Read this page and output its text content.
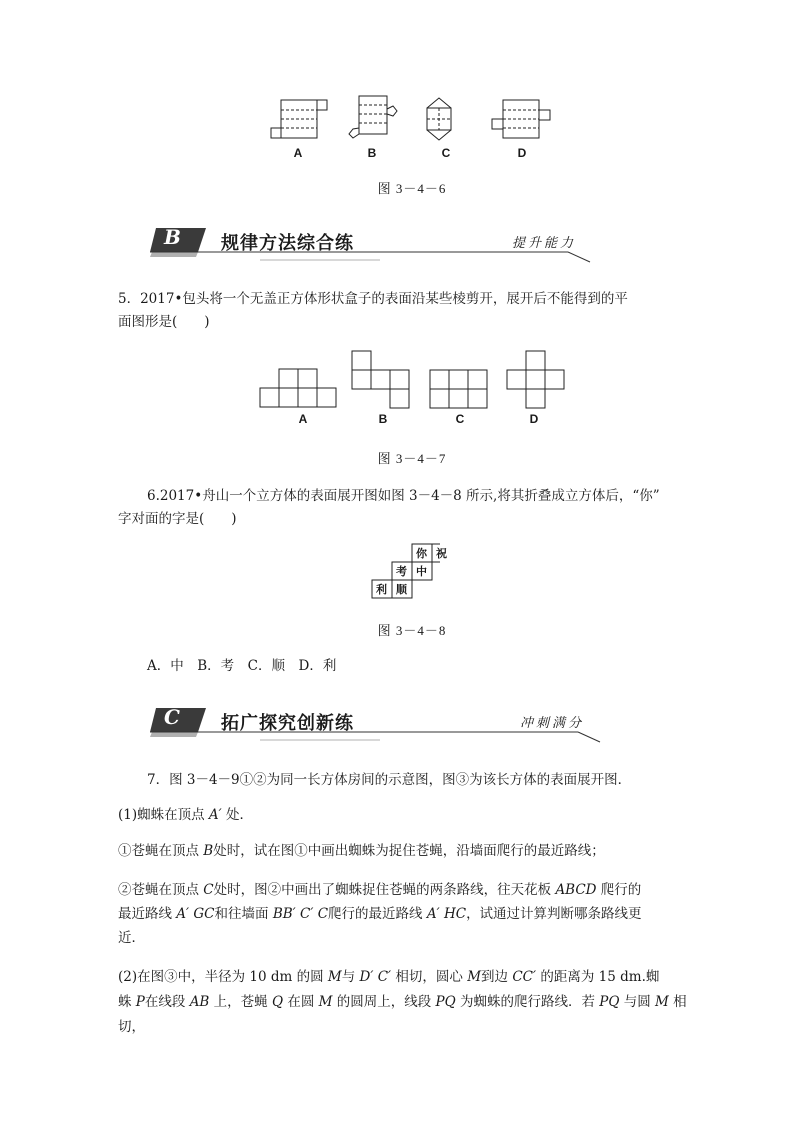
A	B	C	D
图 3－4－6
B 规律方法综合练	提升能力
5．2017•包头将一个无盖正方体形状盒子的表面沿某些棱剪开，展开后不能得到的平
面图形是(　　)
A	B	C	D
图 3－4－7
6.2017•舟山一个立方体的表面展开图如图 3－4－8 所示,将其折叠成立方体后，“你”
字对面的字是(　　)
你 祝
考 中
利 顺
图 3－4－8
A．中　B．考　C．顺　D．利
C 拓广探究创新练	冲刺满分
7．图 3－4－9①②为同一长方体房间的示意图，图③为该长方体的表面展开图．
(1)蜘蛛在顶点 A′ 处．
①苍蝇在顶点 B处时，试在图①中画出蜘蛛为捉住苍蝇，沿墙面爬行的最近路线；
②苍蝇在顶点 C处时，图②中画出了蜘蛛捉住苍蝇的两条路线，往天花板 ABCD 爬行的
最近路线 A′ GC和往墙面 BB′ C′ C爬行的最近路线 A′ HC，试通过计算判断哪条路线更
近．
(2)在图③中，半径为 10 dm 的圆 M与 D′ C′ 相切，圆心 M到边 CC′ 的距离为 15 dm.蜘
蛛 P在线段 AB 上，苍蝇 Q 在圆 M 的圆周上，线段 PQ 为蜘蛛的爬行路线．若 PQ 与圆 M 相切，
